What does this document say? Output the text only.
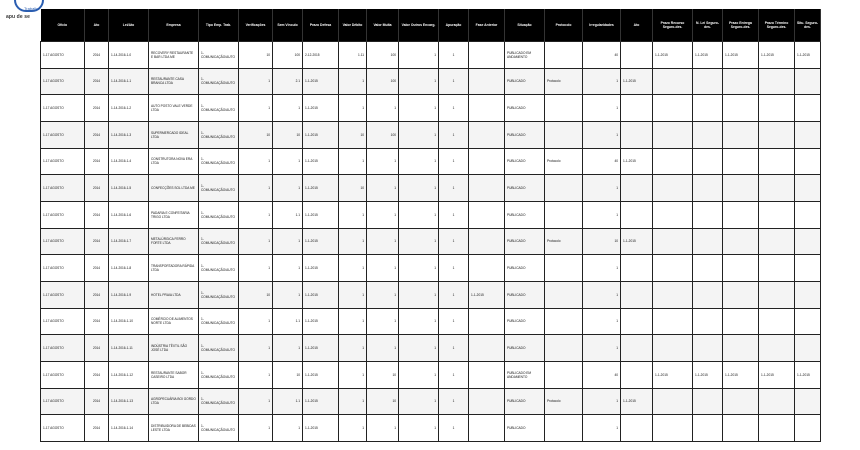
Trabalho
apu de se
Ofício	Ato	Lei/Ato	Empresa	Tipo Emp. Trab.	Verificações	Sem Vínculo	Prazo Defesa	Valor Débito	Valor Multa	Valor Outros Encarg.	Apuração	Fase Anterior	Situação	Protocolo	Irregularidades	Ato	Prazo Recurso Seguro-des.	N. Lei Seguro-des.	Prazo Entrega Seguro-des.	Prazo Término Seguro-des.	Situ. Seguro-des.
1-17 AGOSTO	2014	1-14-2016-1-0	RECOVERY RESTAURANTE E BAR LTDA ME	1-COMUNICAÇÃO/AUTO	10	100	2-12-2015	1.11	100	1	1		PUBLICADO EM ANDAMENTO		40		1-1-2015	1-1-2015	1-1-2015	1-1-2015	1-1-2015
1-17 AGOSTO	2014	1-14-2016-1-1	RESTAURANTE CASA BRANCA LTDA	1-COMUNICAÇÃO/AUTO	1	2.1	1-1-2015	1	100	1	1		PUBLICADO	Protocolo	1	1-1-2015					
1-17 AGOSTO	2014	1-14-2016-1-2	AUTO POSTO VALE VERDE LTDA	1-COMUNICAÇÃO/AUTO	1	1	1-1-2015	1	1	1	1		PUBLICADO		1						
1-17 AGOSTO	2014	1-14-2016-1-3	SUPERMERCADO IDEAL LTDA	1-COMUNICAÇÃO/AUTO	10	10	1-1-2015	10	100	1	1		PUBLICADO		1						
1-17 AGOSTO	2014	1-14-2016-1-4	CONSTRUTORA NOVA ERA LTDA	1-COMUNICAÇÃO/AUTO	1	1	1-1-2015	1	1	1	1		PUBLICADO	Protocolo	40	1-1-2015					
1-17 AGOSTO	2014	1-14-2016-1-5	CONFECÇÕES SOL LTDA ME	1-COMUNICAÇÃO/AUTO	1	1	1-1-2015	10	1	1	1		PUBLICADO		1						
1-17 AGOSTO	2014	1-14-2016-1-6	PADARIA E CONFEITARIA TRIGO LTDA	1-COMUNICAÇÃO/AUTO	1	1.1	1-1-2015	1	1	1	1		PUBLICADO		1						
1-17 AGOSTO	2014	1-14-2016-1-7	METALÚRGICA FERRO FORTE LTDA	1-COMUNICAÇÃO/AUTO	1	1	1-1-2015	1	1	1	1		PUBLICADO	Protocolo	10	1-1-2015					
1-17 AGOSTO	2014	1-14-2016-1-8	TRANSPORTADORA RÁPIDA LTDA	1-COMUNICAÇÃO/AUTO	1	1	1-1-2015	1	1	1	1		PUBLICADO		1						
1-17 AGOSTO	2014	1-14-2016-1-9	HOTEL PRAIA LTDA	1-COMUNICAÇÃO/AUTO	10	1	1-1-2015	1	1	1	1	1-1-2015	PUBLICADO		1						
1-17 AGOSTO	2014	1-14-2016-1-10	COMÉRCIO DE ALIMENTOS NORTE LTDA	1-COMUNICAÇÃO/AUTO	1	1.1	1-1-2015	1	1	1	1		PUBLICADO		1						
1-17 AGOSTO	2014	1-14-2016-1-11	INDÚSTRIA TÊXTIL SÃO JOSÉ LTDA	1-COMUNICAÇÃO/AUTO	1	1	1-1-2015	1	1	1	1		PUBLICADO		1						
1-17 AGOSTO	2014	1-14-2016-1-12	RESTAURANTE SABOR CASEIRO LTDA	1-COMUNICAÇÃO/AUTO	1	10	1-1-2015	1	10	1	1		PUBLICADO EM ANDAMENTO		40		1-1-2015	1-1-2015	1-1-2015	1-1-2015	1-1-2015
1-17 AGOSTO	2014	1-14-2016-1-13	AGROPECUÁRIA BOI GORDO LTDA	1-COMUNICAÇÃO/AUTO	1	1.1	1-1-2015	1	10	1	1		PUBLICADO	Protocolo	1	1-1-2015					
1-17 AGOSTO	2014	1-14-2016-1-14	DISTRIBUIDORA DE BEBIDAS LESTE LTDA	1-COMUNICAÇÃO/AUTO	1	1	1-1-2015	1	1	1	1		PUBLICADO		1						
